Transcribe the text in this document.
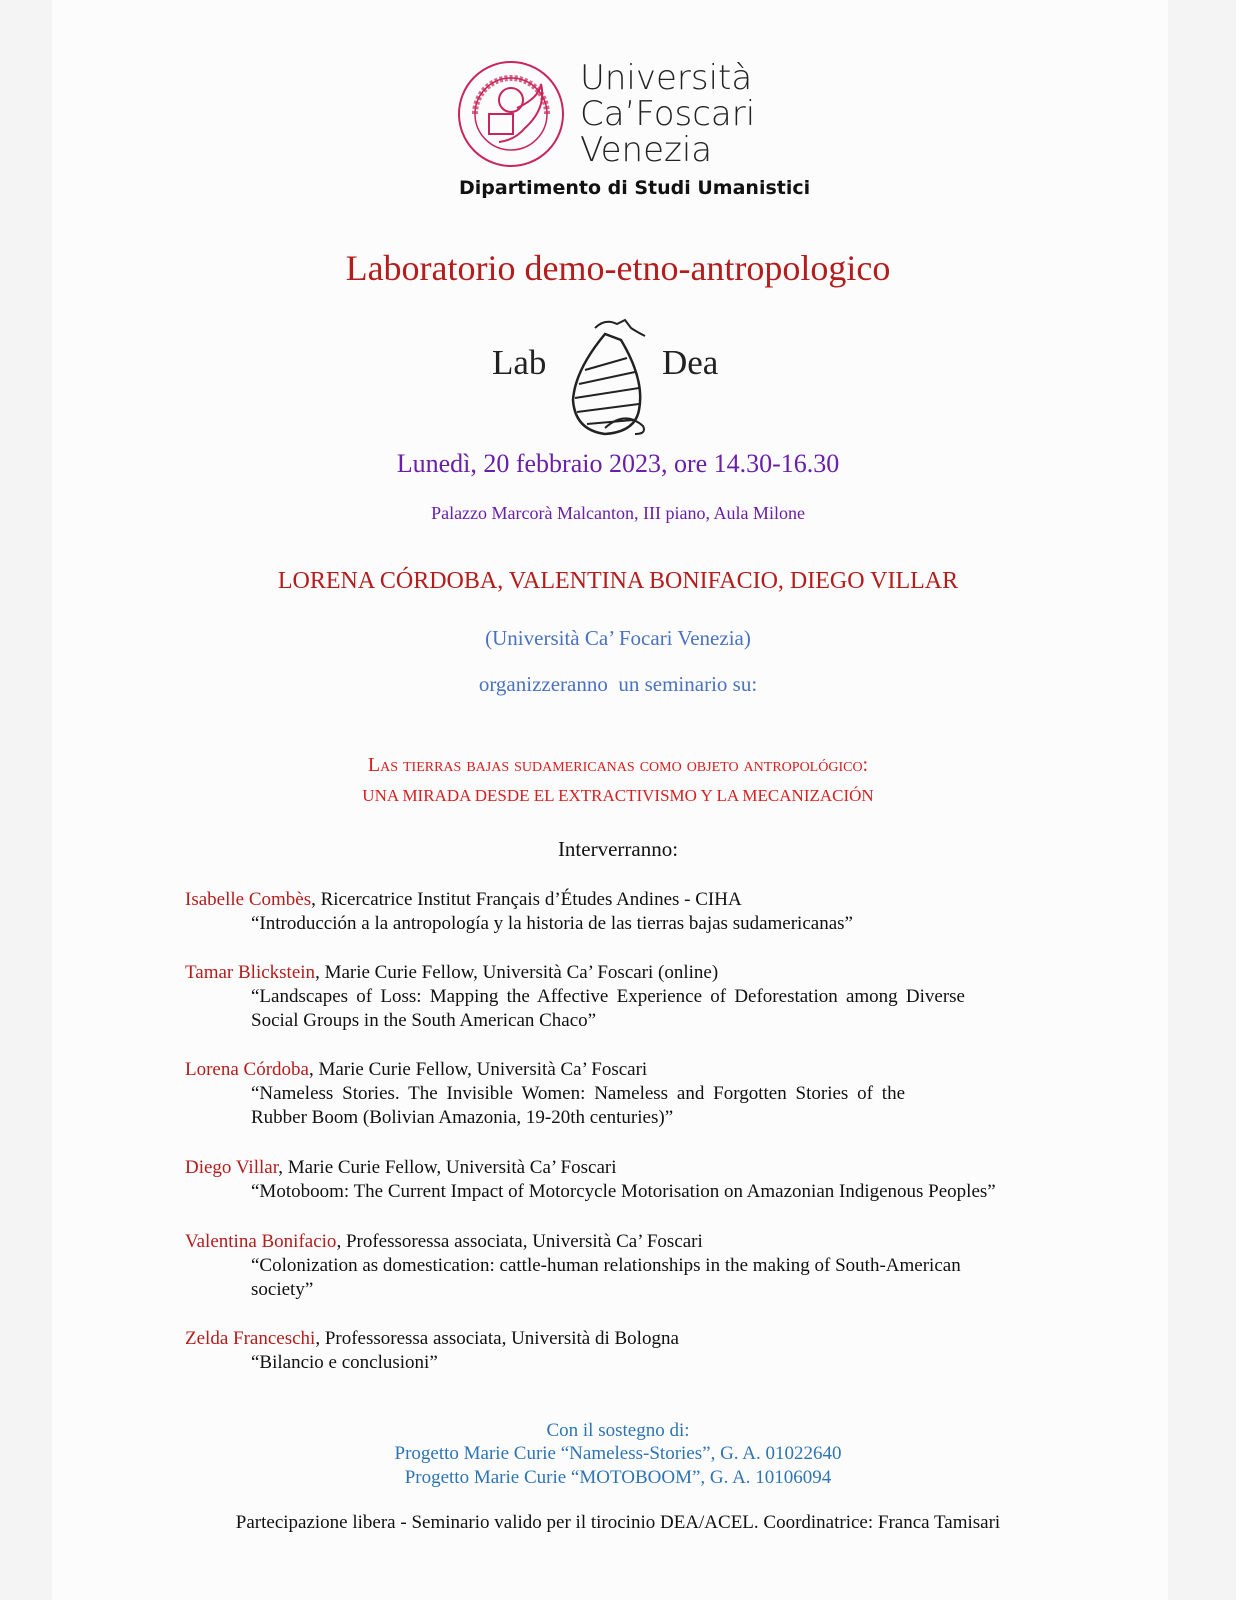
Università
Ca’Foscari
Venezia
Dipartimento di Studi Umanistici
Laboratorio demo-etno-antropologico
Lab	Dea
Lunedì, 20 febbraio 2023, ore 14.30-16.30
Palazzo Marcorà Malcanton, III piano, Aula Milone
LORENA CÓRDOBA, VALENTINA BONIFACIO, DIEGO VILLAR
(Università Ca’ Focari Venezia)
organizzeranno  un seminario su:
Las tierras bajas sudamericanas como objeto antropológico:
UNA MIRADA DESDE EL EXTRACTIVISMO Y LA MECANIZACIÓN
Interverranno:
Isabelle Combès, Ricercatrice Institut Français d’Études Andines - CIHA
“Introducción a la antropología y la historia de las tierras bajas sudamericanas”
Tamar Blickstein, Marie Curie Fellow, Università Ca’ Foscari (online)
“Landscapes of Loss: Mapping the Affective Experience of Deforestation among Diverse Social Groups in the South American Chaco”
Lorena Córdoba, Marie Curie Fellow, Università Ca’ Foscari
“Nameless Stories. The Invisible Women: Nameless and Forgotten Stories of the Rubber Boom (Bolivian Amazonia, 19-20th centuries)”
Diego Villar, Marie Curie Fellow, Università Ca’ Foscari
“Motoboom: The Current Impact of Motorcycle Motorisation on Amazonian Indigenous Peoples”
Valentina Bonifacio, Professoressa associata, Università Ca’ Foscari
“Colonization as domestication: cattle-human relationships in the making of South-American society”
Zelda Franceschi, Professoressa associata, Università di Bologna
“Bilancio e conclusioni”
Con il sostegno di:
Progetto Marie Curie “Nameless-Stories”, G. A. 01022640
Progetto Marie Curie “MOTOBOOM”, G. A. 10106094
Partecipazione libera - Seminario valido per il tirocinio DEA/ACEL. Coordinatrice: Franca Tamisari
